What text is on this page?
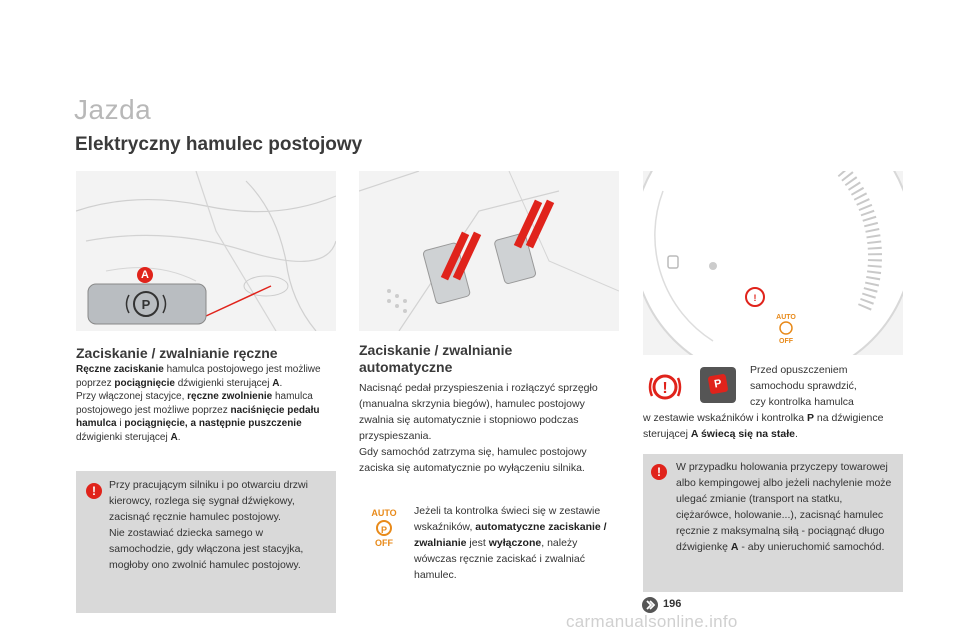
Jazda
Elektryczny hamulec postojowy
P
A
!
AUTO
OFF
Zaciskanie / zwalnianie ręczne

Ręczne zaciskanie hamulca postojowego jest możliwe poprzez pociągnięcie dźwigienki sterującej A.

Przy włączonej stacyjce, ręczne zwolnienie hamulca postojowego jest możliwe poprzez naciśnięcie pedału hamulca i pociągnięcie, a następnie puszczenie dźwigienki sterującej A.

!	Przy pracującym silniku i po otwarciu drzwi kierowcy, rozlega się sygnał dźwiękowy, zacisnąć ręcznie hamulec postojowy.

Nie zostawiać dziecka samego w samochodzie, gdy włączona jest stacyjka, mogłoby ono zwolnić hamulec postojowy.

Zaciskanie / zwalnianie
automatyczne

Nacisnąć pedał przyspieszenia i rozłączyć sprzęgło (manualna skrzynia biegów), hamulec postojowy zwalnia się automatycznie i stopniowo podczas przyspieszania.

Gdy samochód zatrzyma się, hamulec postojowy zaciska się automatycznie po wyłączeniu silnika.

AUTO
P
OFF

Jeżeli ta kontrolka świeci się w zestawie wskaźników, automatyczne zaciskanie / zwalnianie jest wyłączone, należy wówczas ręcznie zaciskać i zwalniać hamulec.

!	P

Przed opuszczeniem

samochodu sprawdzić,

czy kontrolka hamulca

w zestawie wskaźników i kontrolka P na dźwigience sterującej A świecą się na stałe.

!	W przypadku holowania przyczepy towarowej albo kempingowej albo jeżeli nachylenie może ulegać zmianie (transport na statku, ciężarówce, holowanie...), zacisnąć hamulec ręcznie z maksymalną siłą - pociągnąć długo dźwigienkę A - aby unieruchomić samochód.

196
carmanualsonline.info
